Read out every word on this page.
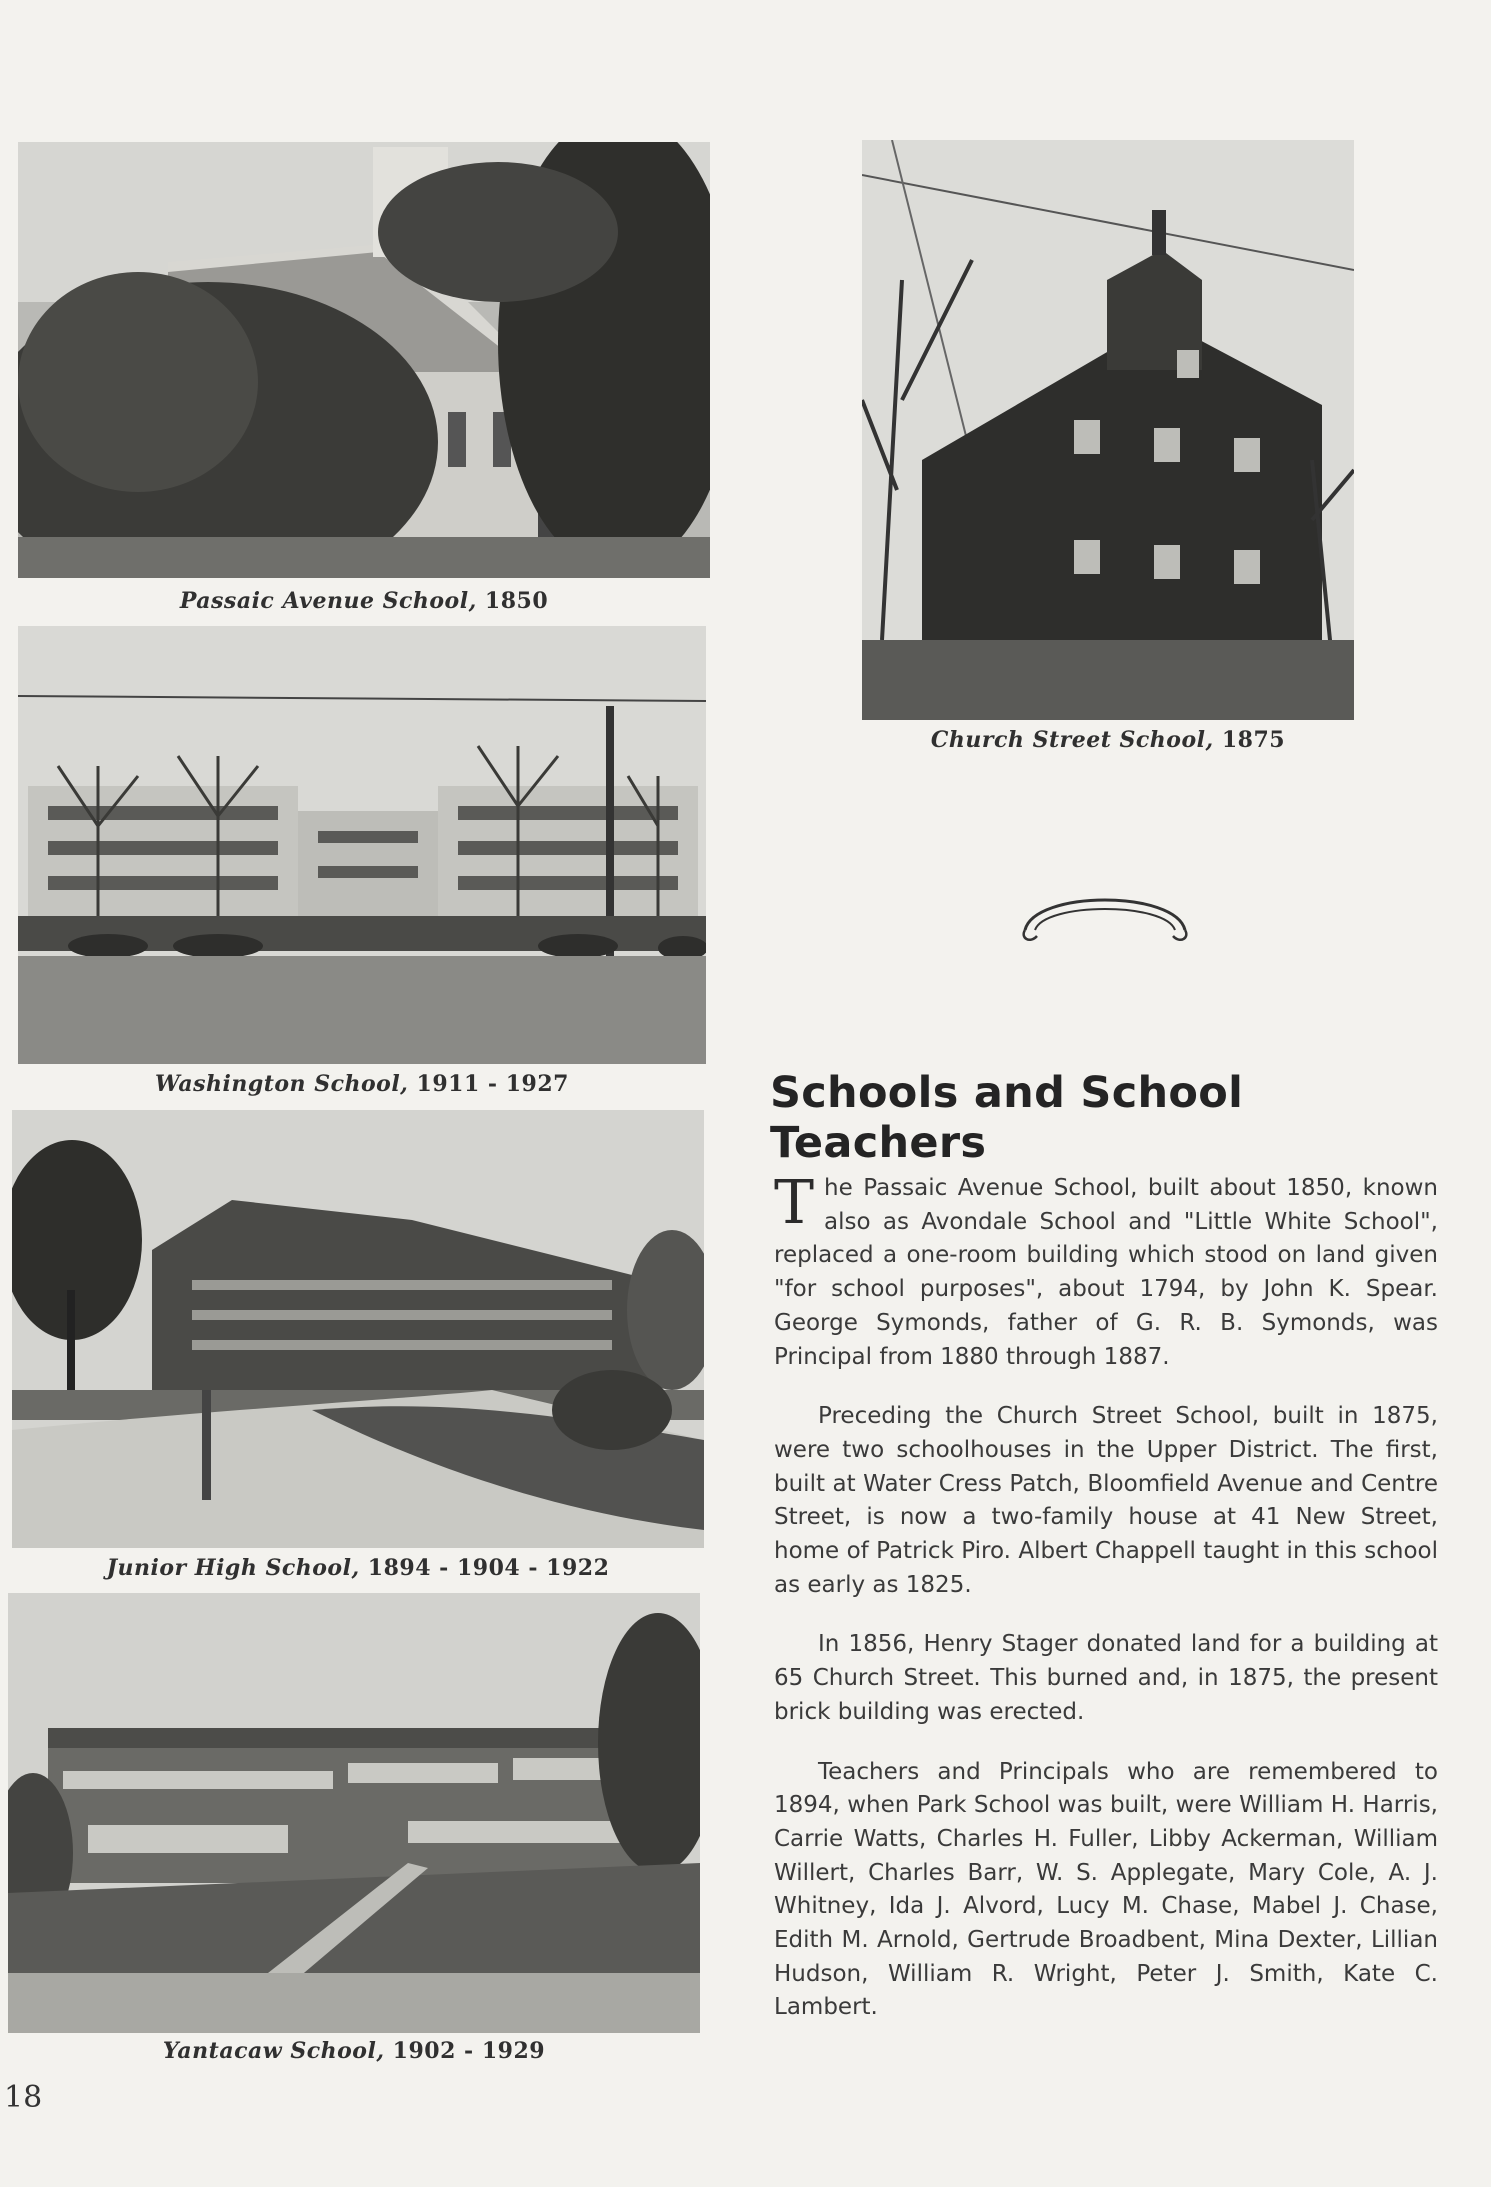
Passaic Avenue School, 1850
Church Street School, 1875
Washington School, 1911 - 1927
Junior High School, 1894 - 1904 - 1922
Yantacaw School, 1902 - 1929
Schools and School Teachers

The Passaic Avenue School, built about 1850, known also as Avondale School and "Little White School", replaced a one-room building which stood on land given "for school purposes", about 1794, by John K. Spear. George Symonds, father of G. R. B. Symonds, was Principal from 1880 through 1887.

Preceding the Church Street School, built in 1875, were two schoolhouses in the Upper District. The first, built at Water Cress Patch, Bloomfield Avenue and Centre Street, is now a two-family house at 41 New Street, home of Patrick Piro. Albert Chappell taught in this school as early as 1825.

In 1856, Henry Stager donated land for a building at 65 Church Street. This burned and, in 1875, the present brick building was erected.

Teachers and Principals who are remembered to 1894, when Park School was built, were William H. Harris, Carrie Watts, Charles H. Fuller, Libby Ackerman, William Willert, Charles Barr, W. S. Applegate, Mary Cole, A. J. Whitney, Ida J. Alvord, Lucy M. Chase, Mabel J. Chase, Edith M. Arnold, Gertrude Broadbent, Mina Dexter, Lillian Hudson, William R. Wright, Peter J. Smith, Kate C. Lambert.

18
